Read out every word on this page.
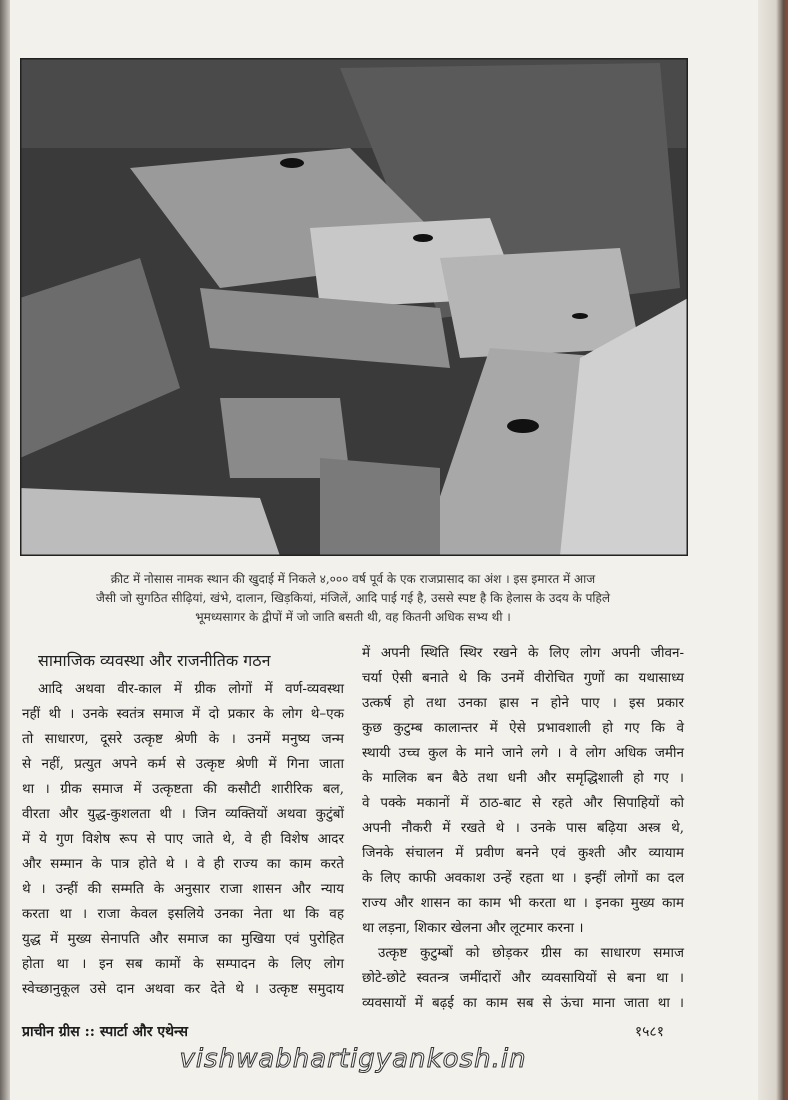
क्रीट में नोसास नामक स्थान की खुदाई में निकले ४,००० वर्ष पूर्व के एक राजप्रासाद का अंश । इस इमारत में आज
जैसी जो सुगठित सीढ़ियां, खंभे, दालान, खिड़कियां, मंजिलें, आदि पाई गई है, उससे स्पष्ट है कि हेलास के उदय के पहिले
भूमध्यसागर के द्वीपों में जो जाति बसती थी, वह कितनी अधिक सभ्य थी ।
सामाजिक व्यवस्था और राजनीतिक गठन
आदि अथवा वीर-काल में ग्रीक लोगों में वर्ण-व्यवस्था
नहीं थी । उनके स्वतंत्र समाज में दो प्रकार के लोग थे–एक
तो साधारण, दूसरे उत्कृष्ट श्रेणी के । उनमें मनुष्य जन्म
से नहीं, प्रत्युत अपने कर्म से उत्कृष्ट श्रेणी में गिना जाता
था । ग्रीक समाज में उत्कृष्टता की कसौटी शारीरिक बल,
वीरता और युद्ध-कुशलता थी । जिन व्यक्तियों अथवा कुटुंबों
में ये गुण विशेष रूप से पाए जाते थे, वे ही विशेष आदर
और सम्मान के पात्र होते थे । वे ही राज्य का काम करते
थे । उन्हीं की सम्मति के अनुसार राजा शासन और न्याय
करता था । राजा केवल इसलिये उनका नेता था कि वह
युद्ध में मुख्य सेनापति और समाज का मुखिया एवं पुरोहित
होता था । इन सब कामों के सम्पादन के लिए लोग
स्वेच्छानुकूल उसे दान अथवा कर देते थे । उत्कृष्ट समुदाय
में अपनी स्थिति स्थिर रखने के लिए लोग अपनी जीवन-
चर्या ऐसी बनाते थे कि उनमें वीरोचित गुणों का यथासाध्य
उत्कर्ष हो तथा उनका ह्रास न होने पाए । इस प्रकार
कुछ कुटुम्ब कालान्तर में ऐसे प्रभावशाली हो गए कि वे
स्थायी उच्च कुल के माने जाने लगे । वे लोग अधिक जमीन
के मालिक बन बैठे तथा धनी और समृद्धिशाली हो गए ।
वे पक्के मकानों में ठाठ-बाट से रहते और सिपाहियों को
अपनी नौकरी में रखते थे । उनके पास बढ़िया अस्त्र थे,
जिनके संचालन में प्रवीण बनने एवं कुश्ती और व्यायाम
के लिए काफी अवकाश उन्हें रहता था । इन्हीं लोगों का दल
राज्य और शासन का काम भी करता था । इनका मुख्य काम
था लड़ना, शिकार खेलना और लूटमार करना ।
उत्कृष्ट कुटुम्बों को छोड़कर ग्रीस का साधारण समाज
छोटे-छोटे स्वतन्त्र जमींदारों और व्यवसायियों से बना था ।
व्यवसायों में बढ़ई का काम सब से ऊंचा माना जाता था ।
प्राचीन ग्रीस :: स्पार्टा और एथेन्स	१५८१
vishwabhartigyankosh.in
